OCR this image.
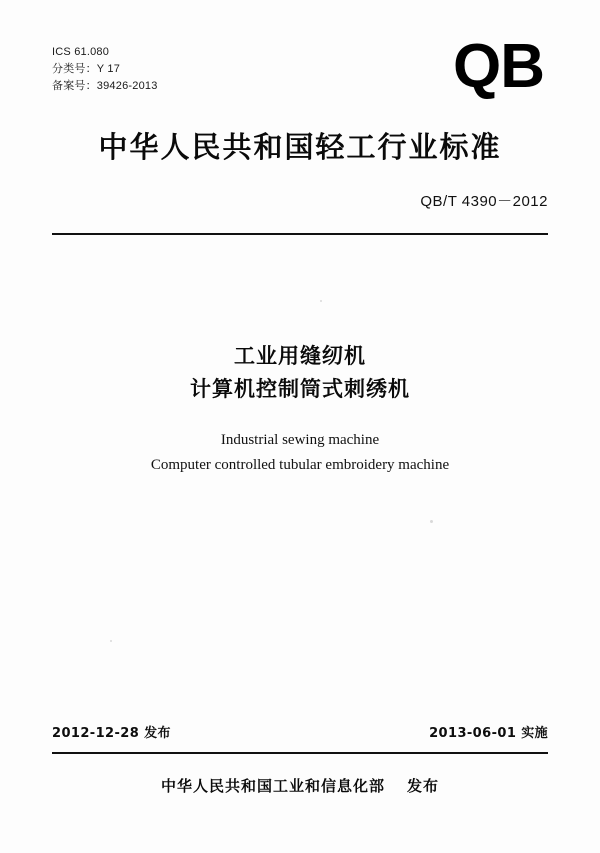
ICS 61.080
分类号：Y 17
备案号：39426-2013	QB
中华人民共和国轻工行业标准
QB/T 4390－2012
工业用缝纫机
计算机控制筒式刺绣机
Industrial sewing machine
Computer controlled tubular embroidery machine
2012-12-28 发布	2013-06-01 实施
中华人民共和国工业和信息化部 发布
